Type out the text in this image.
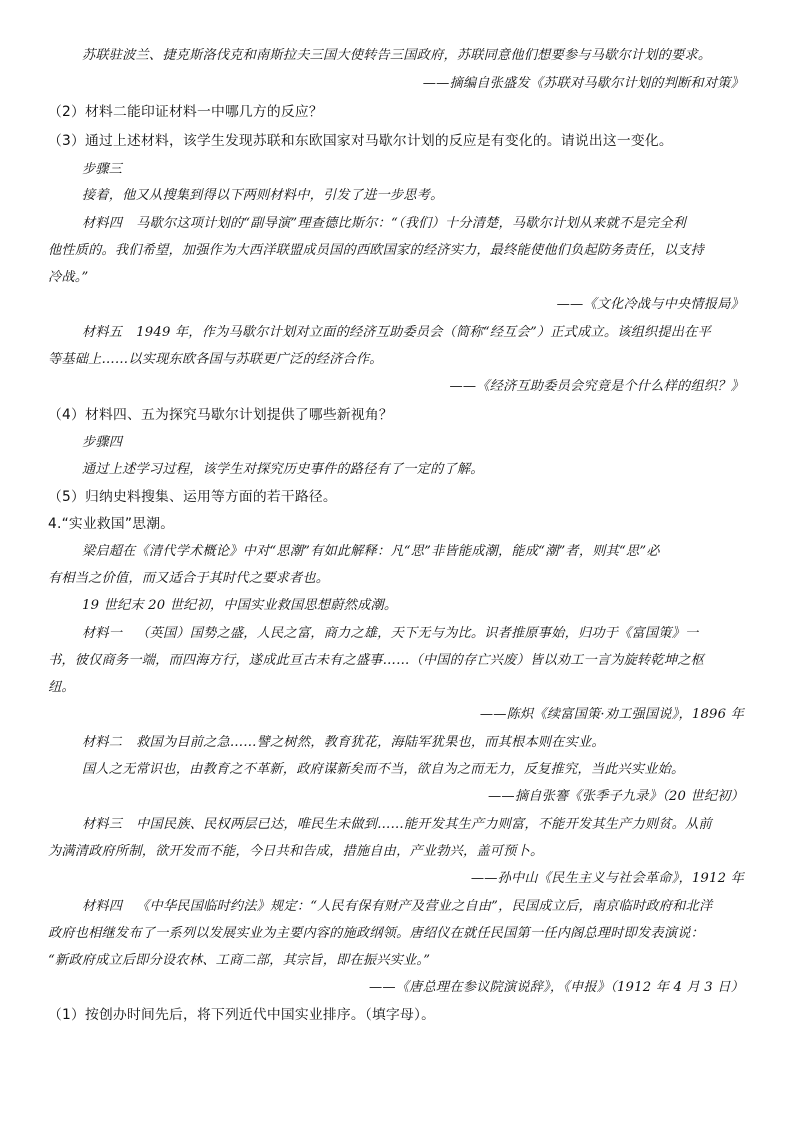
苏联驻波兰、捷克斯洛伐克和南斯拉夫三国大使转告三国政府，苏联同意他们想要参与马歇尔计划的要求。
——摘编自张盛发《苏联对马歇尔计划的判断和对策》
（2）材料二能印证材料一中哪几方的反应？
（3）通过上述材料，该学生发现苏联和东欧国家对马歇尔计划的反应是有变化的。请说出这一变化。
步骤三
接着，他又从搜集到得以下两则材料中，引发了进一步思考。
材料四 马歇尔这项计划的“副导演”理查德比斯尔：“（我们）十分清楚，马歇尔计划从来就不是完全利
他性质的。我们希望，加强作为大西洋联盟成员国的西欧国家的经济实力，最终能使他们负起防务责任，以支持
冷战。”
——《文化冷战与中央情报局》
材料五 1949 年，作为马歇尔计划对立面的经济互助委员会（简称“经互会”）正式成立。该组织提出在平
等基础上……以实现东欧各国与苏联更广泛的经济合作。
——《经济互助委员会究竟是个什么样的组织？》
（4）材料四、五为探究马歇尔计划提供了哪些新视角？
步骤四
通过上述学习过程，该学生对探究历史事件的路径有了一定的了解。
（5）归纳史料搜集、运用等方面的若干路径。
4.“实业救国”思潮。
梁启超在《清代学术概论》中对“思潮”有如此解释：凡“思”非皆能成潮，能成“潮”者，则其“思”必
有相当之价值，而又适合于其时代之要求者也。
19 世纪末 20 世纪初，中国实业救国思想蔚然成潮。
材料一 （英国）国势之盛，人民之富，商力之雄，天下无与为比。识者推原事始，归功于《富国策》一
书，彼仅商务一端，而四海方行，遂成此亘古未有之盛事……（中国的存亡兴废）皆以劝工一言为旋转乾坤之枢
纽。
——陈炽《续富国策·劝工强国说》，1896 年
材料二 救国为目前之急……譬之树然，教育犹花，海陆军犹果也，而其根本则在实业。
国人之无常识也，由教育之不革新，政府谋新矣而不当，欲自为之而无力，反复推究，当此兴实业始。
——摘自张謇《张季子九录》（20 世纪初）
材料三 中国民族、民权两层已达，唯民生未做到……能开发其生产力则富，不能开发其生产力则贫。从前
为满清政府所制，欲开发而不能，今日共和告成，措施自由，产业勃兴，盖可预卜。
——孙中山《民生主义与社会革命》，1912 年
材料四 《中华民国临时约法》规定：“人民有保有财产及营业之自由”，民国成立后，南京临时政府和北洋
政府也相继发布了一系列以发展实业为主要内容的施政纲领。唐绍仪在就任民国第一任内阁总理时即发表演说：
“新政府成立后即分设农林、工商二部，其宗旨，即在振兴实业。”
——《唐总理在参议院演说辞》，《申报》（1912 年 4 月 3 日）
（1）按创办时间先后，将下列近代中国实业排序。（填字母）。
